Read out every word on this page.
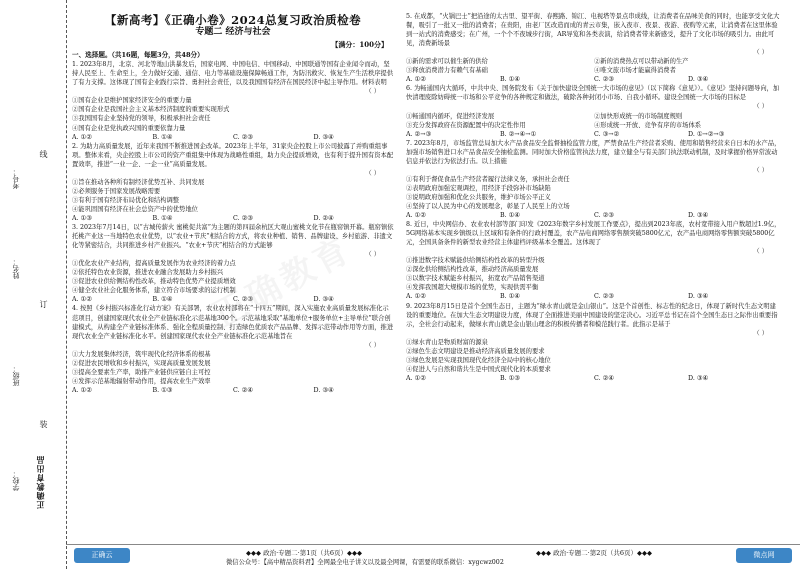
考号：
姓名：
班级：
学校：
线
订
装
正确教育出品
【新高考】《正确小卷》2024总复习政治质检卷
专题二 经济与社会
【满分：100分】
一、选择题。（共16题，每题3分，共48分）

1. 2023年8月，北京、河北等地山洪暴发后，国家电网、中国电信、中国移动、中国联通等国有企业闻令而动，坚持人民至上、生命至上，全力做好交通、通信、电力等基础设施保障畅通工作，为防汛救灾、恢复生产生活秩序提供了有力支撑。这体现了国有企业践行宗旨、勇担社会责任，以及我国国有经济在国民经济中起主导作用。材料表明

（ ）

①国有企业是维护国家经济安全的重要力量

②国有企业是我国社会主义基本经济制度的重要实现形式

③我国国有企业坚持党的领导，积极承担社会责任

④国有企业是党执政兴国的重要依靠力量

A. ①②	B. ①④	C. ②③	D. ③④

2. 为助力高质量发展，近年来我国不断推进国企改革。2023年上半年，31家央企控股上市公司披露了并购重组事项。整体来看，央企控股上市公司的资产重组集中体现为战略性重组，助力央企提质增效，也有利于提升国有资本配置效率，推进“一业一企、一企一业”高质量发展。

（ ）

①旨在推动各种所有制经济优势互补、共同发展

②必须服务于国家发展战略需要

③有利于国有经济布局优化和结构调整

④能巩固国有经济在社会总资产中的优势地位

A. ①③	B. ①④	C. ②③	D. ②④

3. 2023年7月14日，以“古城传薪火 蜜桃促共富”为主题的第四届余杭区大观山蜜桃文化节在瓶窑镇开幕。瓶窑镇依托桃产业这一当地特色农业优势，以“农业+节庆”相结合的方式，将农业种植、销售、品牌建设、乡村旅游、非遗文化等紧密结合，共同推进乡村产业振兴。“农业+节庆”相结合的方式能够

（ ）

①优化农业产业结构，提高质量发展作为农业经济的着力点

②依托特色农业资源，推进农业融合发展助力乡村振兴

③促进农业供给侧结构性改革，推动特色优势产业提质增效

④健全农业社会化服务体系，建立符合市场要求的运行机制

A. ①②	B. ①④	C. ②③	D. ③④

4. 按照《乡村振兴标准化行动方案》有关部署，农业农村部将在“十四五”期间，深入实施农业高质量发展标准化示范项目，创建国家现代农业全产业链标准化示范基地300个。示范基地采取“基地单位+服务单位+主导单位”联合创建模式，从构建全产业链标准体系、强化全程质量控制、打造绿色优质农产品品牌、发挥示范带动作用等方面，推进现代农业全产业链标准化水平。创建国家现代农业全产业链标准化示范基地旨在

（ ）

①大力发展集体经济，筑牢现代化经济体系的根基

②促进农民增收和乡村振兴，实现高质量发展发展

③提高全要素生产率，助推产业链供应链自主可控

④发挥示范基地辐射带动作用，提高农业生产效率

A. ①②	B. ①③	C. ②④	D. ③④

5. 在成都，“火锅巴士”把沿途的太古里、望平街、春熙路、锦江、电视塔等景点串成线，让消费者在品味美食的同时，也能享受文化大餐，吸引了一批又一批的消费者；在贵阳，由老厂区改造而成的青云市集，嵌入夜市、夜景、夜游、夜购等元素，让消费者在这里体验到一站式的消费感受；在广州，一个个不夜城步行街，AR导览和各类表演，给消费者带来新感受，提升了文化市场的吸引力。由此可见，消费新场景

（ ）

①新的需求可以催生新的供给	②新的消费热点可以带动新的生产

③释放消费潜力有赖气有基础	④唯文旅市场才能赢得消费者

A. ①②	B. ①④	C. ②③	D. ③④

6. 为畅通国内大循环，中共中央、国务院发布《关于加快建设全国统一大市场的意见》（以下简称《意见》）。《意见》坚持问题导向，加快清理废除妨碍统一市场和公平竞争的各种规定和做法，破除各种封闭小市场、自我小循环。建设全国统一大市场的目标是

（ ）

①畅通国内循环，促进经济发展	②加快形成统一的市场制度规则

③充分发挥政府在资源配置中的决定性作用	④形成统一开放、竞争有序的市场体系

A. ②→③	B. ②→④→①	C. ③→②	D. ①→②→③

7. 2023年8月，市场监管总局加大水产品食品安全监督抽检监管力度，严禁食品生产经营者采购、使用和销售经营来自日本的水产品，加强市场销售进口水产品食品安全抽检监测。同时加大价格监管执法力度，建立健全与有关部门执法联动机制，及时掌握价格异常波动信息并依法行为依法打击。以上措施

（ ）

①有利于督促食品生产经营者履行法律义务，承担社会责任

②表明政府加强宏观调控，用经济手段弥补市场缺陷

③说明政府加强和优化公共服务，维护市场公平正义

④坚持了以人民为中心的发展理念，彰显了人民至上的立场

A. ①②	B. ①④	C. ②③	D. ③④

8. 近日，中央网信办、农业农村部等部门印发《2023年数字乡村发展工作要点》，提出到2023年底，农村宽带接入用户数超过1.9亿，5G网络基本实现乡镇级以上区域和有条件的行政村覆盖，农产品电商网络零售额突破5800亿元，农产品电商网络零售额突破5800亿元，全国具备条件的新型农业经营主体建档评级基本全覆盖。这体现了

（ ）

①推进数字技术赋能供给侧结构性改革的转型升级

②深化供给侧结构性改革，推动经济高质量发展

③以数字技术赋能乡村振兴，拓宽农产品销售渠道

④发挥我国超大规模市场的优势，实现供需平衡

A. ①②	B. ①④	C. ②③	D. ③④

9. 2023年8月15日是首个全国生态日，主题为“绿水青山就是金山银山”。这是个首创性、标志性的纪念日，体现了新时代生态文明建设的重要地位。在加大生态文明建设力度，体现了全面推进美丽中国建设的坚定决心。习近平总书记在首个全国生态日之际作出重要指示，全社会行动起来，做绿水青山就是金山银山理念的积极传播者和模范践行者。此指示是基于

（ ）

①绿水青山是物质财富的源泉

②绿色生态文明建设是推动经济高质量发展的要求

③绿色发展是实现我国现代化经济全局中的核心地位

④促进人与自然和谐共生是中国式现代化的本质要求

A. ①②	B. ①③	C. ②④	D. ③④

正确云	◆◆◆ 政治·专题二·第1页（共6页）◆◆◆	◆◆◆ 政治·专题二·第2页（共6页）◆◆◆
微信公众号：【高中精品资料君】全网最全电子讲义以及最全网课，有需要的联系微信：xygcwz002
微点网
